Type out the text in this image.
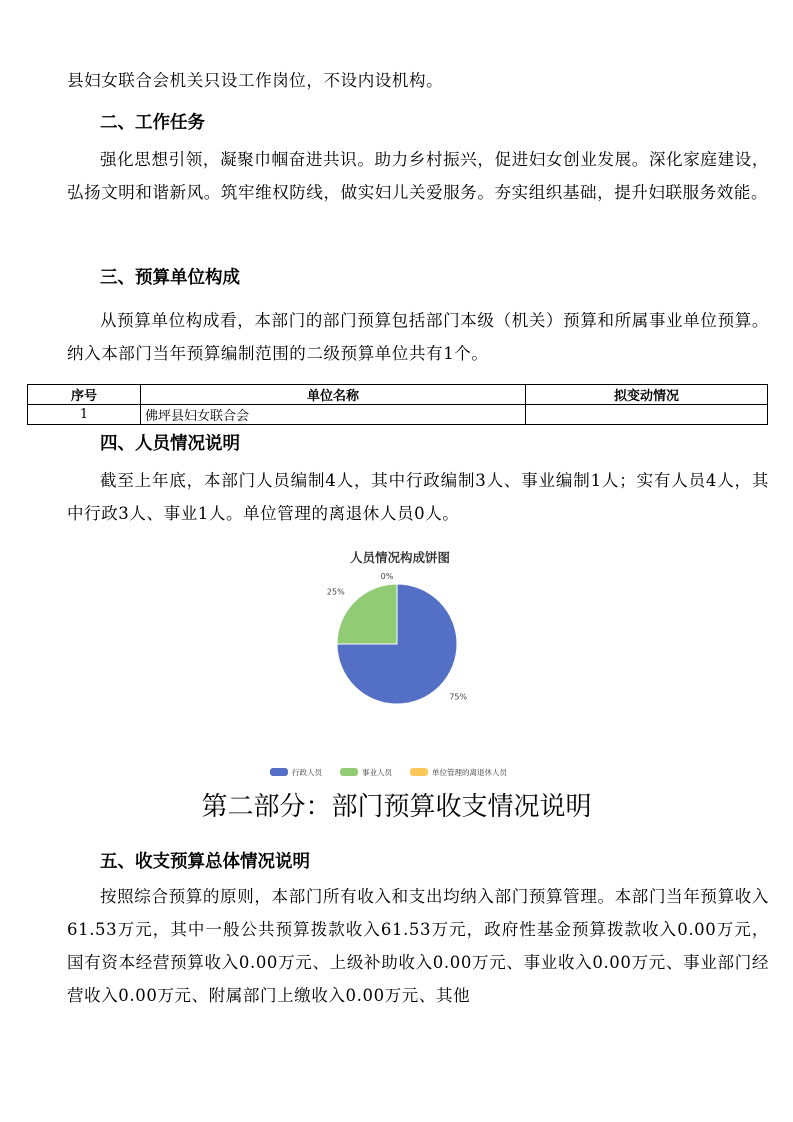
县妇女联合会机关只设工作岗位，不设内设机构。
二、工作任务
强化思想引领，凝聚巾帼奋进共识。助力乡村振兴，促进妇女创业发展。深化家庭建设，弘扬文明和谐新风。筑牢维权防线，做实妇儿关爱服务。夯实组织基础，提升妇联服务效能。
三、预算单位构成
从预算单位构成看，本部门的部门预算包括部门本级（机关）预算和所属事业单位预算。纳入本部门当年预算编制范围的二级预算单位共有1个。
序号	单位名称	拟变动情况
1	佛坪县妇女联合会	
四、人员情况说明
截至上年底，本部门人员编制4人，其中行政编制3人、事业编制1人；实有人员4人，其中行政3人、事业1人。单位管理的离退休人员0人。
人员情况构成饼图
75%
25%
0%
行政人员	事业人员	单位管理的离退休人员
第二部分：部门预算收支情况说明
五、收支预算总体情况说明
按照综合预算的原则，本部门所有收入和支出均纳入部门预算管理。本部门当年预算收入61.53万元，其中一般公共预算拨款收入61.53万元，政府性基金预算拨款收入0.00万元，国有资本经营预算收入0.00万元、上级补助收入0.00万元、事业收入0.00万元、事业部门经营收入0.00万元、附属部门上缴收入0.00万元、其他
